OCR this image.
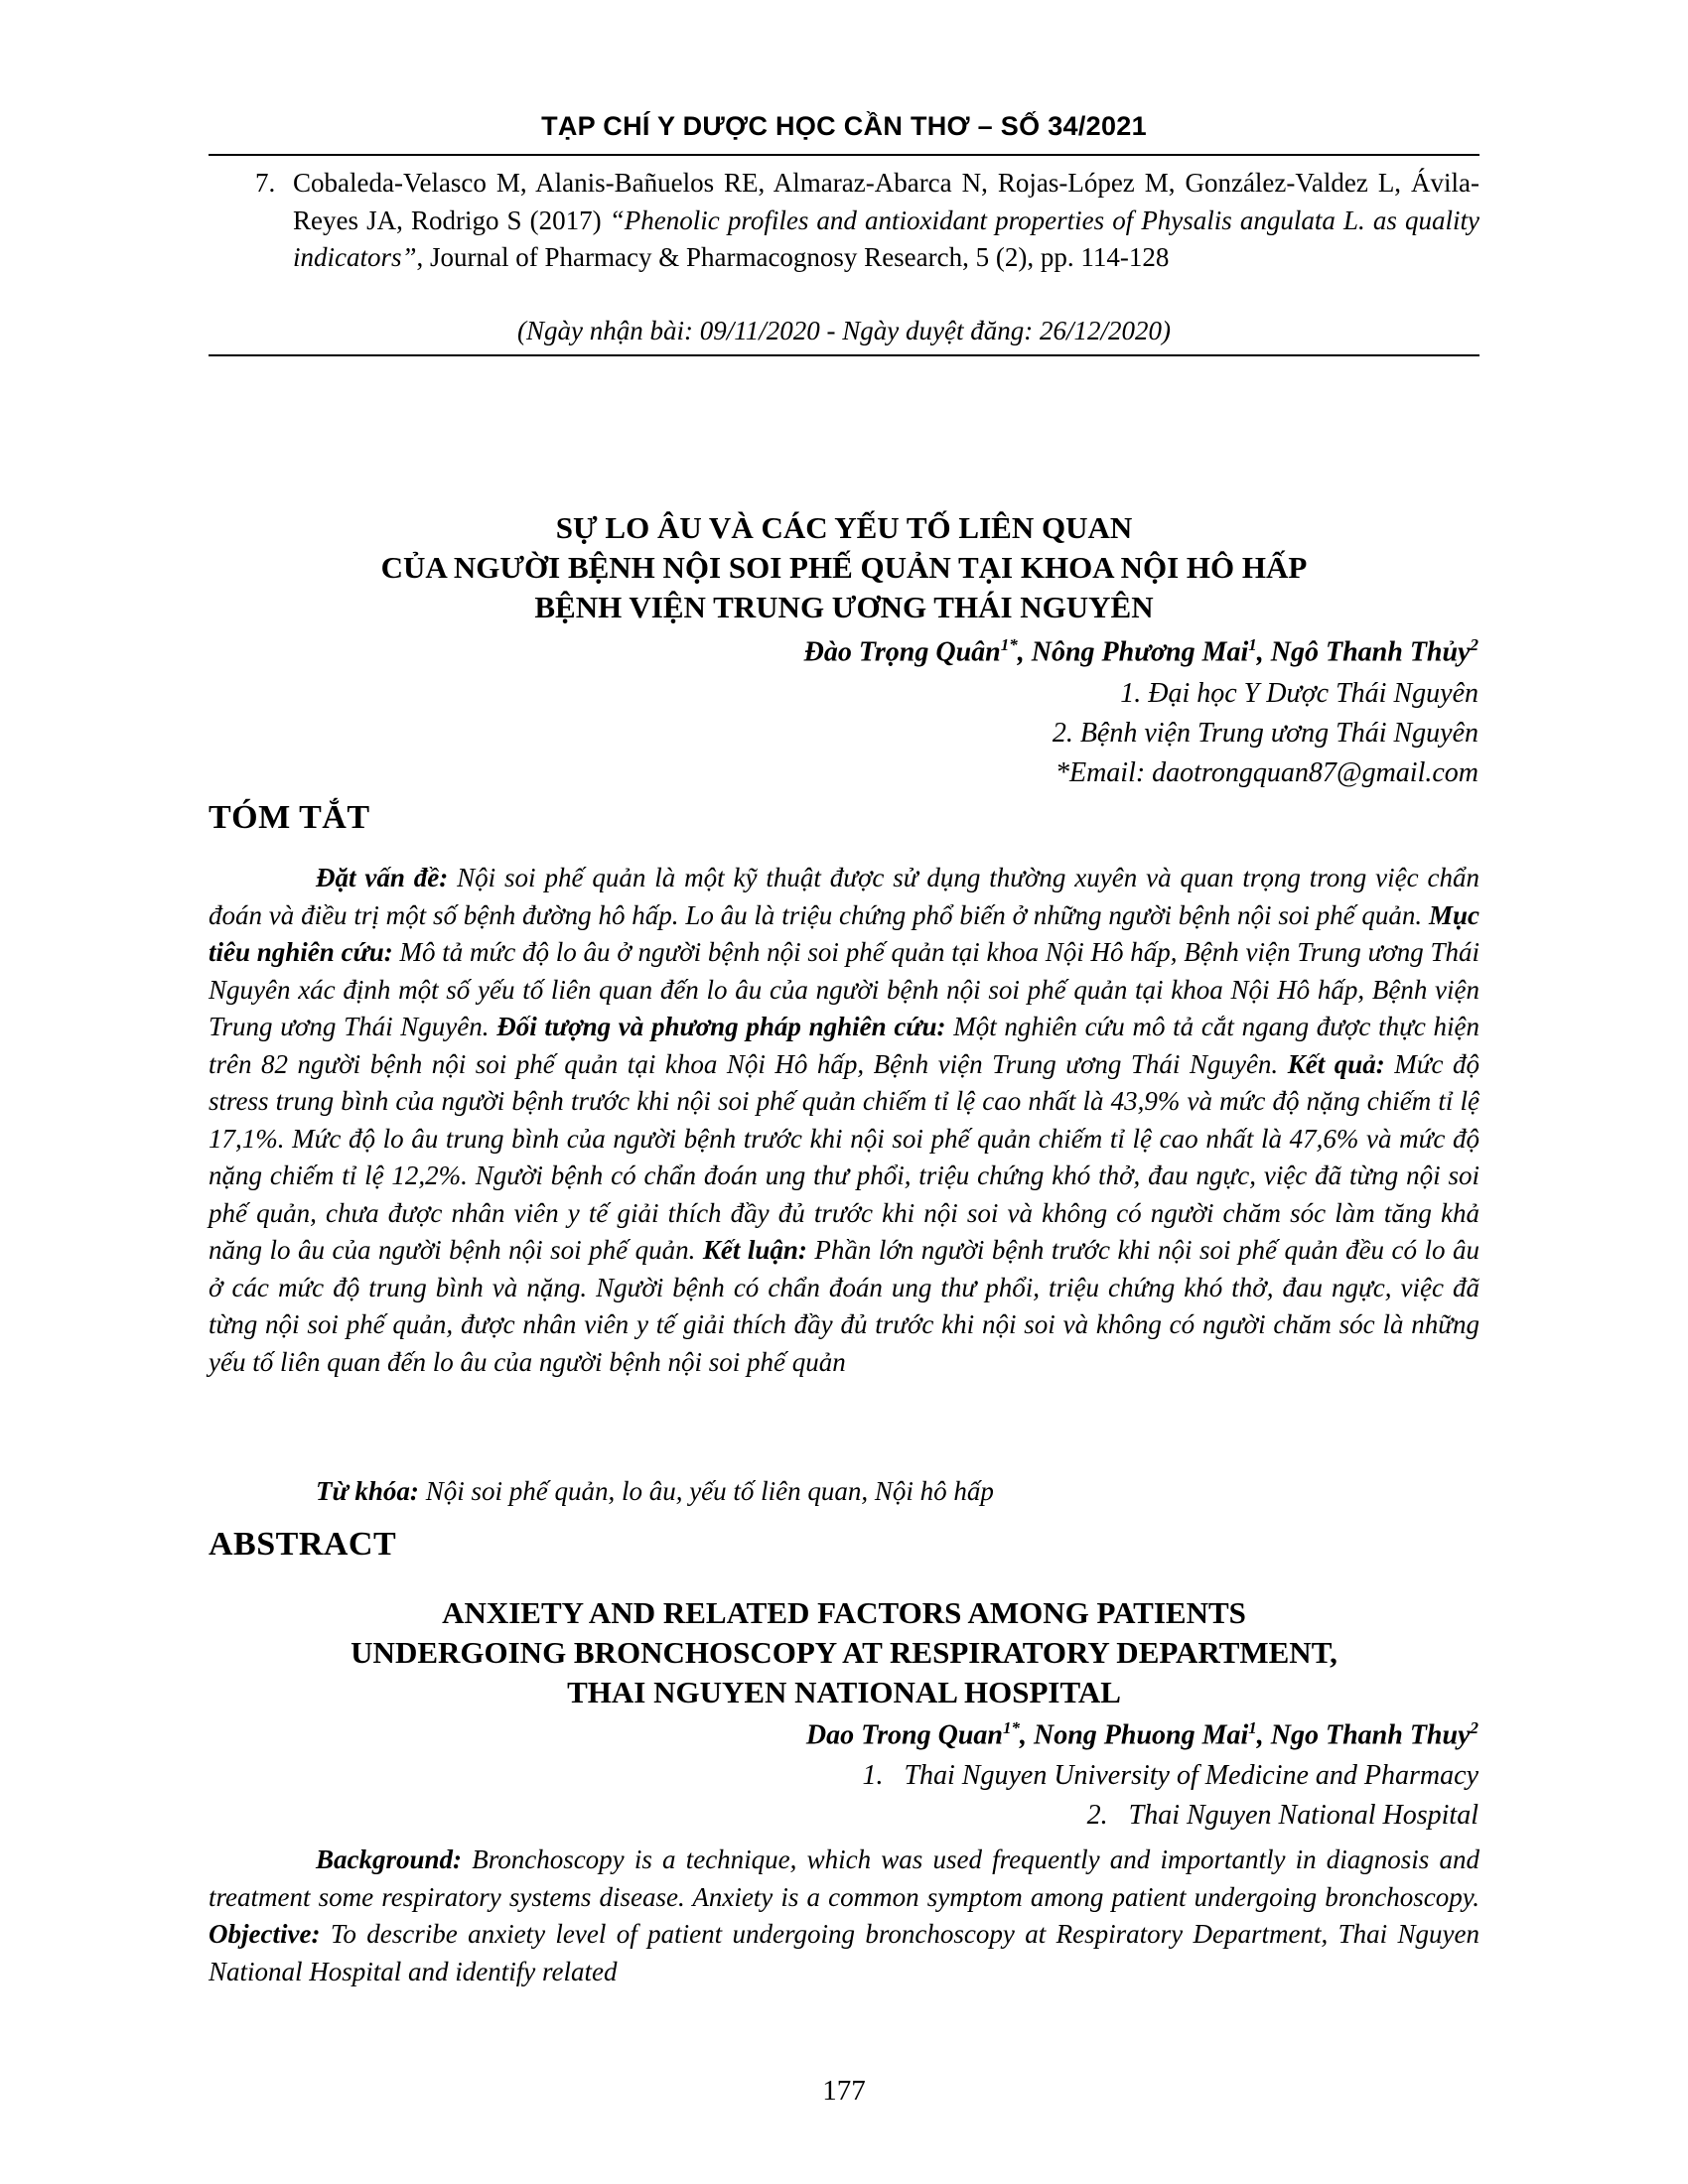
TẠP CHÍ Y DƯỢC HỌC CẦN THƠ – SỐ 34/2021
7. Cobaleda-Velasco M, Alanis-Bañuelos RE, Almaraz-Abarca N, Rojas-López M, González-Valdez L, Ávila-Reyes JA, Rodrigo S (2017) “Phenolic profiles and antioxidant properties of Physalis angulata L. as quality indicators”, Journal of Pharmacy & Pharmacognosy Research, 5 (2), pp. 114-128
(Ngày nhận bài: 09/11/2020 - Ngày duyệt đăng: 26/12/2020)
SỰ LO ÂU VÀ CÁC YẾU TỐ LIÊN QUAN
CỦA NGƯỜI BỆNH NỘI SOI PHẾ QUẢN TẠI KHOA NỘI HÔ HẤP
BỆNH VIỆN TRUNG ƯƠNG THÁI NGUYÊN
Đào Trọng Quân$^{1*}$, Nông Phương Mai$^1$, Ngô Thanh Thủy$^2$
1. Đại học Y Dược Thái Nguyên
2. Bệnh viện Trung ương Thái Nguyên
*Email: daotrongquan87@gmail.com
TÓM TẮT
Đặt vấn đề: Nội soi phế quản là một kỹ thuật được sử dụng thường xuyên và quan trọng trong việc chẩn đoán và điều trị một số bệnh đường hô hấp. Lo âu là triệu chứng phổ biến ở những người bệnh nội soi phế quản. Mục tiêu nghiên cứu: Mô tả mức độ lo âu ở người bệnh nội soi phế quản tại khoa Nội Hô hấp, Bệnh viện Trung ương Thái Nguyên xác định một số yếu tố liên quan đến lo âu của người bệnh nội soi phế quản tại khoa Nội Hô hấp, Bệnh viện Trung ương Thái Nguyên. Đối tượng và phương pháp nghiên cứu: Một nghiên cứu mô tả cắt ngang được thực hiện trên 82 người bệnh nội soi phế quản tại khoa Nội Hô hấp, Bệnh viện Trung ương Thái Nguyên. Kết quả: Mức độ stress trung bình của người bệnh trước khi nội soi phế quản chiếm tỉ lệ cao nhất là 43,9% và mức độ nặng chiếm tỉ lệ 17,1%. Mức độ lo âu trung bình của người bệnh trước khi nội soi phế quản chiếm tỉ lệ cao nhất là 47,6% và mức độ nặng chiếm tỉ lệ 12,2%. Người bệnh có chẩn đoán ung thư phổi, triệu chứng khó thở, đau ngực, việc đã từng nội soi phế quản, chưa được nhân viên y tế giải thích đầy đủ trước khi nội soi và không có người chăm sóc làm tăng khả năng lo âu của người bệnh nội soi phế quản. Kết luận: Phần lớn người bệnh trước khi nội soi phế quản đều có lo âu ở các mức độ trung bình và nặng. Người bệnh có chẩn đoán ung thư phổi, triệu chứng khó thở, đau ngực, việc đã từng nội soi phế quản, được nhân viên y tế giải thích đầy đủ trước khi nội soi và không có người chăm sóc là những yếu tố liên quan đến lo âu của người bệnh nội soi phế quản
Từ khóa: Nội soi phế quản, lo âu, yếu tố liên quan, Nội hô hấp
ABSTRACT
ANXIETY AND RELATED FACTORS AMONG PATIENTS
UNDERGOING BRONCHOSCOPY AT RESPIRATORY DEPARTMENT,
THAI NGUYEN NATIONAL HOSPITAL
Dao Trong Quan$^{1*}$, Nong Phuong Mai$^1$, Ngo Thanh Thuy$^2$
1.   Thai Nguyen University of Medicine and Pharmacy
2.   Thai Nguyen National Hospital
Background: Bronchoscopy is a technique, which was used frequently and importantly in diagnosis and treatment some respiratory systems disease. Anxiety is a common symptom among patient undergoing bronchoscopy. Objective: To describe anxiety level of patient undergoing bronchoscopy at Respiratory Department, Thai Nguyen National Hospital and identify related
177
